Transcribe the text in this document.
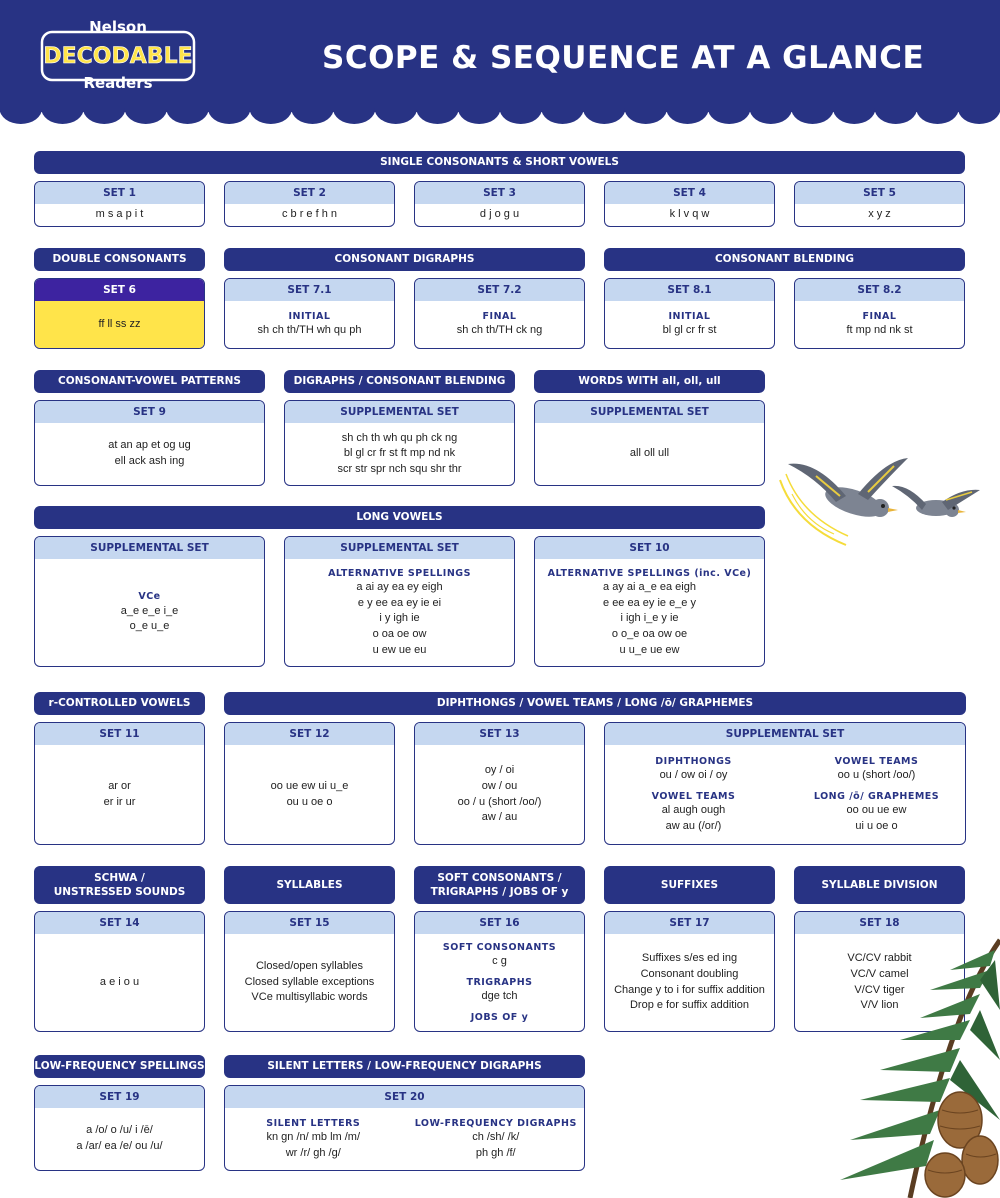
Nelson
DECODABLE
Readers
SCOPE & SEQUENCE AT A GLANCE
SINGLE CONSONANTS & SHORT VOWELS
SET 1
m s a p i t
SET 2
c b r e f h n
SET 3
d j o g u
SET 4
k l v q w
SET 5
x y z
DOUBLE CONSONANTS	CONSONANT DIGRAPHS	CONSONANT BLENDING
SET 6
ff ll ss zz
SET 7.1
INITIAL
sh ch th/TH wh qu ph
SET 7.2
FINAL
sh ch th/TH ck ng
SET 8.1
INITIAL
bl gl cr fr st
SET 8.2
FINAL
ft mp nd nk st
CONSONANT-VOWEL PATTERNS	DIGRAPHS / CONSONANT BLENDING	WORDS WITH all, oll, ull
SET 9
at an ap et og ug
ell ack ash ing
SUPPLEMENTAL SET
sh ch th wh qu ph ck ng
bl gl cr fr st ft mp nd nk
scr str spr nch squ shr thr
SUPPLEMENTAL SET
all oll ull
LONG VOWELS
SUPPLEMENTAL SET
VCe
a_e e_e i_e
o_e u_e
SUPPLEMENTAL SET
ALTERNATIVE SPELLINGS
a ai ay ea ey eigh
e y ee ea ey ie ei
i y igh ie
o oa oe ow
u ew ue eu
SET 10
ALTERNATIVE SPELLINGS (inc. VCe)
a ay ai a_e ea eigh
e ee ea ey ie e_e y
i igh i_e y ie
o o_e oa ow oe
u u_e ue ew
r-CONTROLLED VOWELS	DIPHTHONGS / VOWEL TEAMS / LONG /ō/ GRAPHEMES
SET 11
ar or
er ir ur
SET 12
oo ue ew ui u_e
ou u oe o
SET 13
oy / oi
ow / ou
oo / u (short /oo/)
aw / au
SUPPLEMENTAL SET
DIPHTHONGS
ou / ow oi / oy
VOWEL TEAMS
oo u (short /oo/)
VOWEL TEAMS
al augh ough
aw au (/or/)
LONG /ō/ GRAPHEMES
oo ou ue ew
ui u oe o
SCHWA /
UNSTRESSED SOUNDS
SYLLABLES
SOFT CONSONANTS /
TRIGRAPHS / JOBS OF y
SUFFIXES	SYLLABLE DIVISION
SET 14
a e i o u
SET 15
Closed/open syllables
Closed syllable exceptions
VCe multisyllabic words
SET 16
SOFT CONSONANTS
c g
TRIGRAPHS
dge tch
JOBS OF y
SET 17
Suffixes s/es ed ing
Consonant doubling
Change y to i for suffix addition
Drop e for suffix addition
SET 18
VC/CV rabbit
VC/V camel
V/CV tiger
V/V lion
LOW-FREQUENCY SPELLINGS	SILENT LETTERS / LOW-FREQUENCY DIGRAPHS
SET 19
a /o/ o /u/ i /ē/
a /ar/ ea /e/ ou /u/
SET 20
SILENT LETTERS
kn gn /n/ mb lm /m/
wr /r/ gh /g/
LOW-FREQUENCY DIGRAPHS
ch /sh/ /k/
ph gh /f/
